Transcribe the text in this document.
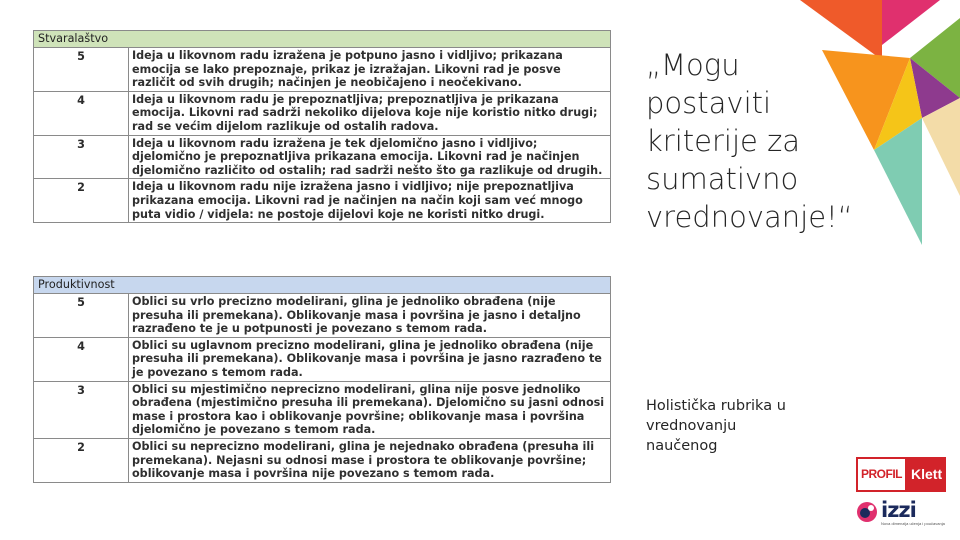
Stvaralaštvo	
5	Ideja u likovnom radu izražena je potpuno jasno i vidljivo; prikazana emocija se lako prepoznaje, prikaz je izražajan. Likovni rad je posve različit od svih drugih; načinjen je neobičajeno i neočekivano.
4	Ideja u likovnom radu je prepoznatljiva; prepoznatljiva je prikazana emocija. Likovni rad sadrži nekoliko dijelova koje nije koristio nitko drugi; rad se većim dijelom razlikuje od ostalih radova.
3	Ideja u likovnom radu izražena je tek djelomično jasno i vidljivo; djelomično je prepoznatljiva prikazana emocija. Likovni rad je načinjen djelomično različito od ostalih; rad sadrži nešto što ga razlikuje od drugih.
2	Ideja u likovnom radu nije izražena jasno i vidljivo; nije prepoznatljiva prikazana emocija. Likovni rad je načinjen na način koji sam već mnogo puta vidio / vidjela: ne postoje dijelovi koje ne koristi nitko drugi.
Produktivnost	
5	Oblici su vrlo precizno modelirani, glina je jednoliko obrađena (nije presuha ili premekana). Oblikovanje masa i površina je jasno i detaljno razrađeno te je u potpunosti je povezano s temom rada.
4	Oblici su uglavnom precizno modelirani, glina je jednoliko obrađena (nije presuha ili premekana). Oblikovanje masa i površina je jasno razrađeno te je povezano s temom rada.
3	Oblici su mjestimično neprecizno modelirani, glina nije posve jednoliko obrađena (mjestimično presuha ili premekana). Djelomično su jasni odnosi mase i prostora kao i oblikovanje površine; oblikovanje masa i površina djelomično je povezano s temom rada.
2	Oblici su neprecizno modelirani, glina je nejednako obrađena (presuha ili premekana). Nejasni su odnosi mase i prostora te oblikovanje površine; oblikovanje masa i površina nije povezano s temom rada.
„Mogu
postaviti
kriterije za
sumativno
vrednovanje!“
Holistička rubrika u
vrednovanju
naučenog
PROFIL Klett
izzi
Nova dimenzija učenja i poučavanja
